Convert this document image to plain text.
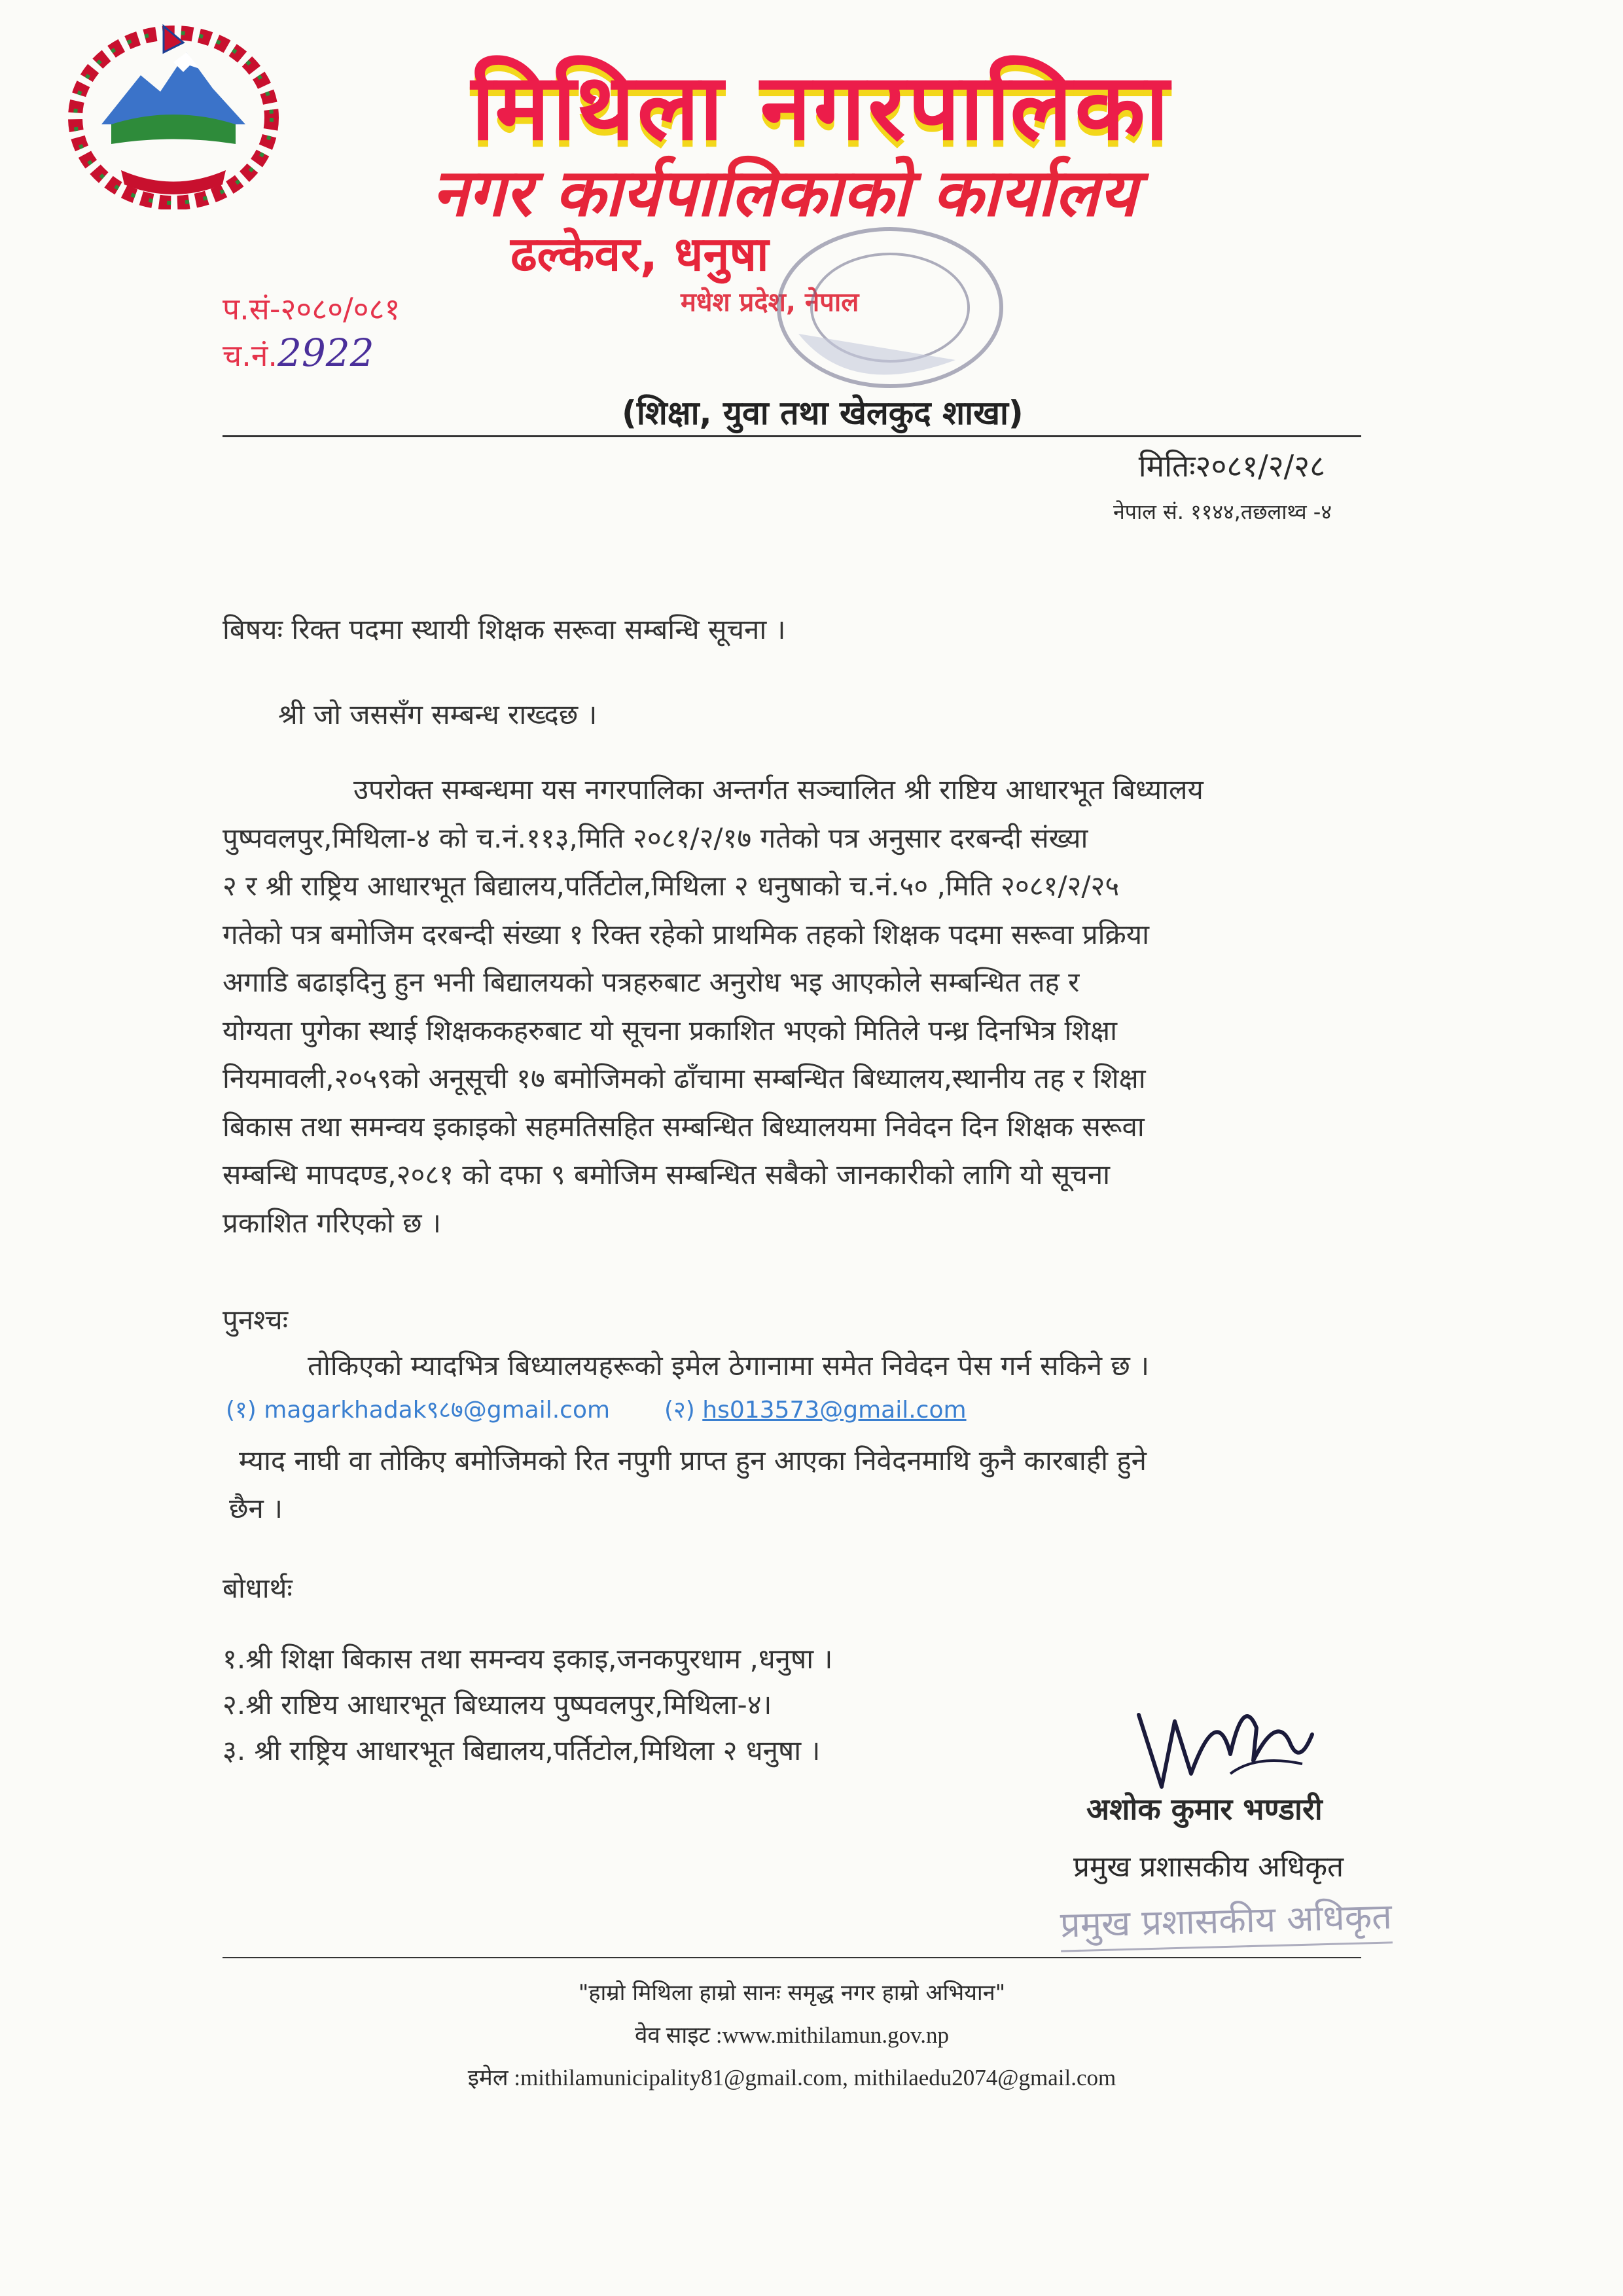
मिथिला नगरपालिका
नगर कार्यपालिकाको कार्यालय
ढल्केवर, धनुषा
मधेश प्रदेश, नेपाल
प.सं-२०८०/०८१
च.नं.2922
(शिक्षा, युवा तथा खेलकुद शाखा)
मितिः२०८१/२/२८
नेपाल सं. ११४४,तछलाथ्व -४
बिषयः रिक्त पदमा स्थायी शिक्षक सरूवा सम्बन्धि सूचना ।
श्री जो जससँग सम्बन्ध राख्दछ ।
उपरोक्त सम्बन्धमा यस नगरपालिका अन्तर्गत सञ्चालित श्री राष्टिय आधारभूत बिध्यालय
पुष्पवलपुर,मिथिला-४ को च.नं.११३,मिति २०८१/२/१७ गतेको पत्र अनुसार दरबन्दी संख्या
२ र श्री राष्ट्रिय आधारभूत बिद्यालय,पर्तिटोल,मिथिला २ धनुषाको च.नं.५० ,मिति २०८१/२/२५
गतेको पत्र बमोजिम दरबन्दी संख्या १ रिक्त रहेको प्राथमिक तहको शिक्षक पदमा सरूवा प्रक्रिया
अगाडि बढाइदिनु हुन भनी बिद्यालयको पत्रहरुबाट अनुरोध भइ आएकोले सम्बन्धित तह र
योग्यता पुगेका स्थाई शिक्षककहरुबाट यो सूचना प्रकाशित भएको मितिले पन्ध्र दिनभित्र शिक्षा
नियमावली,२०५९को अनूसूची १७ बमोजिमको ढाँचामा सम्बन्धित बिध्यालय,स्थानीय तह र शिक्षा
बिकास तथा समन्वय इकाइको सहमतिसहित सम्बन्धित बिध्यालयमा निवेदन दिन शिक्षक सरूवा
सम्बन्धि मापदण्ड,२०८१ को दफा ९ बमोजिम सम्बन्धित सबैको जानकारीको लागि यो सूचना
प्रकाशित गरिएको छ ।
पुनश्चः
तोकिएको म्यादभित्र बिध्यालयहरूको इमेल ठेगानामा समेत निवेदन पेस गर्न सकिने छ ।
(१) magarkhadak९८७@gmail.com (२) hs013573@gmail.com
म्याद नाघी वा तोकिए बमोजिमको रित नपुगी प्राप्त हुन आएका निवेदनमाथि कुनै कारबाही हुने
छैन ।
बोधार्थः
१.श्री शिक्षा बिकास तथा समन्वय इकाइ,जनकपुरधाम ,धनुषा ।
२.श्री राष्टिय आधारभूत बिध्यालय पुष्पवलपुर,मिथिला-४।
३. श्री राष्ट्रिय आधारभूत बिद्यालय,पर्तिटोल,मिथिला २ धनुषा ।
अशोक कुमार भण्डारी
प्रमुख प्रशासकीय अधिकृत
प्रमुख प्रशासकीय अधिकृत
"हाम्रो मिथिला हाम्रो सानः समृद्ध नगर हाम्रो अभियान"
वेव साइट :www.mithilamun.gov.np
इमेल :mithilamunicipality81@gmail.com, mithilaedu2074@gmail.com
